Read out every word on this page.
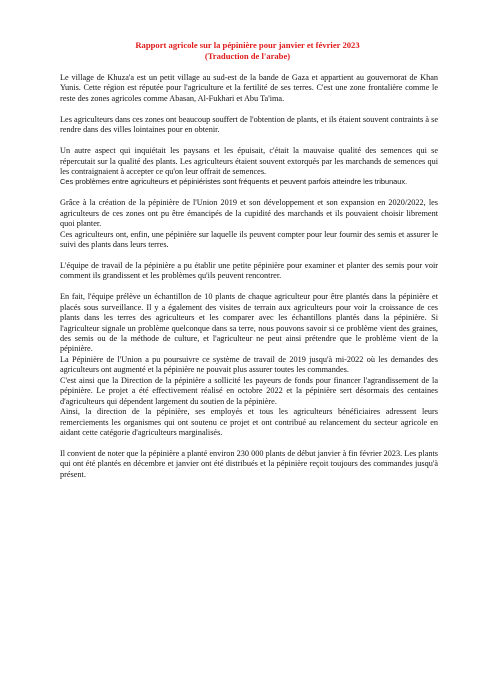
Rapport agricole sur la pépinière pour janvier et février 2023
(Traduction de l'arabe)

Le village de Khuza'a est un petit village au sud-est de la bande de Gaza et appartient au gouvernorat de Khan Yunis. Cette région est réputée pour l'agriculture et la fertilité de ses terres. C'est une zone frontalière comme le reste des zones agricoles comme Abasan, Al-Fukhari et Abu Ta'ima.

Les agriculteurs dans ces zones ont beaucoup souffert de l'obtention de plants, et ils étaient souvent contraints à se rendre dans des villes lointaines pour en obtenir.

Un autre aspect qui inquiétait les paysans et les épuisait, c'était la mauvaise qualité des semences qui se répercutait sur la qualité des plants. Les agriculteurs étaient souvent extorqués par les marchands de semences qui les contraignaient à accepter ce qu'on leur offrait de semences.

Ces problèmes entre agriculteurs et pépiniéristes sont fréquents et peuvent parfois atteindre les tribunaux.

Grâce à la création de la pépinière de l'Union 2019 et son développement et son expansion en 2020/2022, les agriculteurs de ces zones ont pu être émancipés de la cupidité des marchands et ils pouvaient choisir librement quoi planter.

Ces agriculteurs ont, enfin, une pépinière sur laquelle ils peuvent compter pour leur fournir des semis et assurer le suivi des plants dans leurs terres.

L'équipe de travail de la pépinière a pu établir une petite pépinière pour examiner et planter des semis pour voir comment ils grandissent et les problèmes qu'ils peuvent rencontrer.

En fait, l'équipe prélève un échantillon de 10 plants de chaque agriculteur pour être plantés dans la pépinière et placés sous surveillance. Il y a également des visites de terrain aux agriculteurs pour voir la croissance de ces plants dans les terres des agriculteurs et les comparer avec les échantillons plantés dans la pépinière. Si l'agriculteur signale un problème quelconque dans sa terre, nous pouvons savoir si ce problème vient des graines, des semis ou de la méthode de culture, et l'agriculteur ne peut ainsi prétendre que le problème vient de la pépinière.

La Pépinière de l'Union a pu poursuivre ce système de travail de 2019 jusqu'à mi-2022 où les demandes des agriculteurs ont augmenté et la pépinière ne pouvait plus assurer toutes les commandes.

C'est ainsi que la Direction de la pépinière a sollicité les payeurs de fonds pour financer l'agrandissement de la pépinière. Le projet a été effectivement réalisé en octobre 2022 et la pépinière sert désormais des centaines d'agriculteurs qui dépendent largement du soutien de la pépinière.

Ainsi, la direction de la pépinière, ses employés et tous les agriculteurs bénéficiaires adressent leurs remerciements les organismes qui ont soutenu ce projet et ont contribué au relancement du secteur agricole en aidant cette catégorie d'agriculteurs marginalisés.

Il convient de noter que la pépinière a planté environ 230 000 plants de début janvier à fin février 2023. Les plants qui ont été plantés en décembre et janvier ont été distribués et la pépinière reçoit toujours des commandes jusqu'à présent.
